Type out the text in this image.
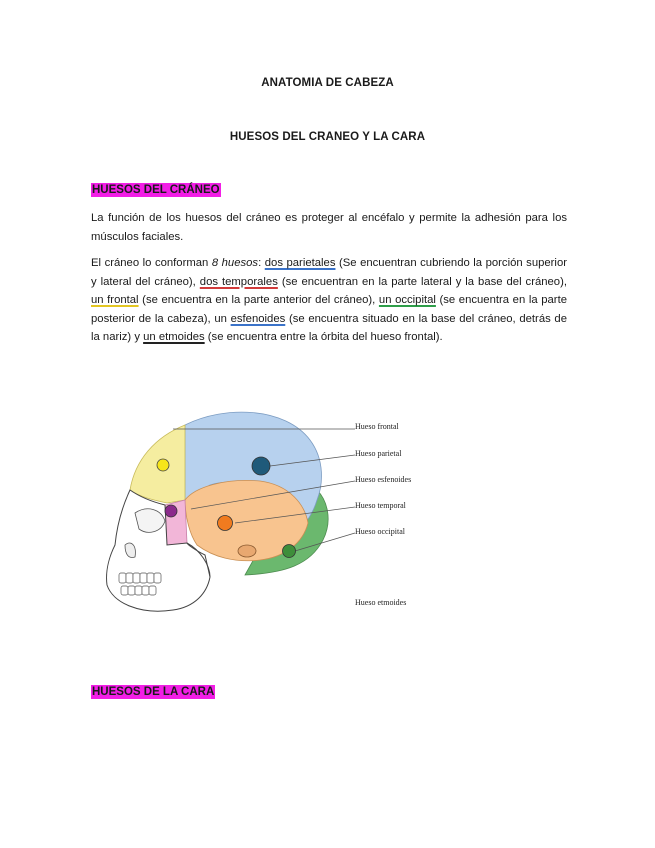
ANATOMIA DE CABEZA
HUESOS DEL CRANEO Y LA CARA
HUESOS DEL CRÁNEO

La función de los huesos del cráneo es proteger al encéfalo y permite la adhesión para los músculos faciales.

El cráneo lo conforman 8 huesos: dos parietales (Se encuentran cubriendo la porción superior y lateral del cráneo), dos temporales (se encuentran en la parte lateral y la base del cráneo), un frontal (se encuentra en la parte anterior del cráneo), un occipital (se encuentra en la parte posterior de la cabeza), un esfenoides (se encuentra situado en la base del cráneo, detrás de la nariz) y un etmoides (se encuentra entre la órbita del hueso frontal).

Hueso frontal
Hueso parietal
Hueso esfenoides
Hueso temporal
Hueso occipital
Hueso etmoides
HUESOS DE LA CARA
